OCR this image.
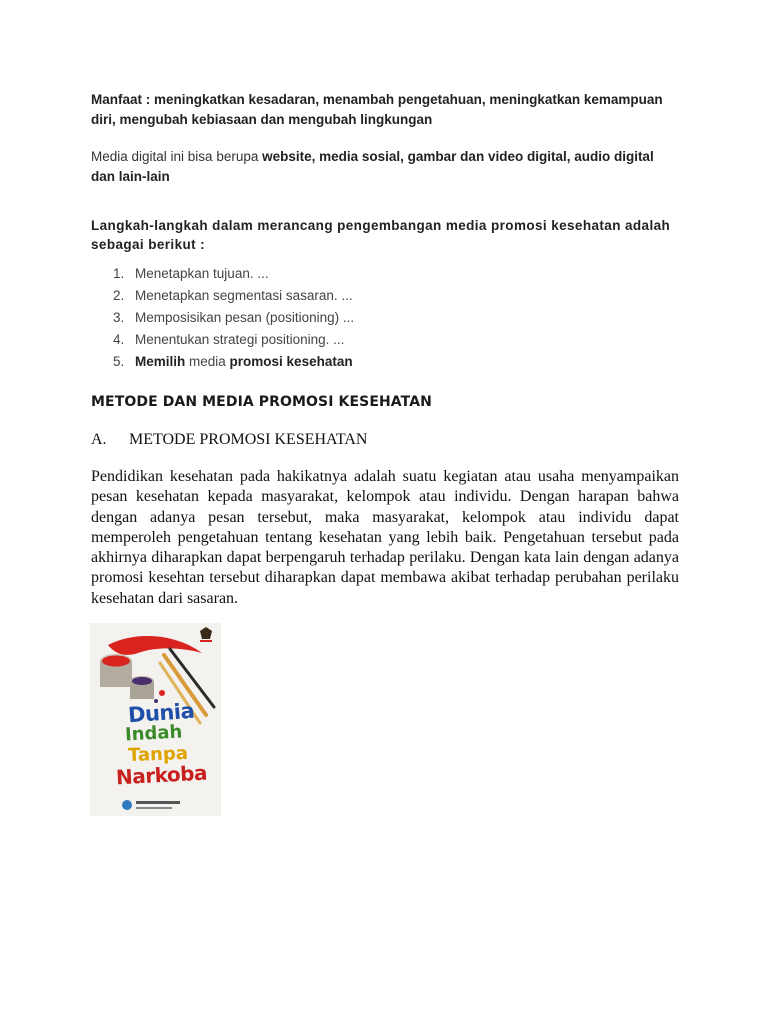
Manfaat : meningkatkan kesadaran, menambah pengetahuan, meningkatkan kemampuan diri, mengubah kebiasaan dan mengubah lingkungan

Media digital ini bisa berupa website, media sosial, gambar dan video digital, audio digital dan lain-lain

Langkah-langkah dalam merancang pengembangan media promosi kesehatan adalah sebagai berikut :

1. Menetapkan tujuan. ...
2. Menetapkan segmentasi sasaran. ...
3. Memposisikan pesan (positioning) ...
4. Menentukan strategi positioning. ...
5. Memilih media promosi kesehatan
METODE DAN MEDIA PROMOSI KESEHATAN
A.	METODE PROMOSI KESEHATAN

Pendidikan kesehatan pada hakikatnya adalah suatu kegiatan atau usaha menyampaikan pesan kesehatan kepada masyarakat, kelompok atau individu. Dengan harapan bahwa dengan adanya pesan tersebut, maka masyarakat, kelompok atau individu dapat memperoleh pengetahuan tentang kesehatan yang lebih baik. Pengetahuan tersebut pada akhirnya diharapkan dapat berpengaruh terhadap perilaku. Dengan kata lain dengan adanya promosi kesehtan tersebut diharapkan dapat membawa akibat terhadap perubahan perilaku kesehatan dari sasaran.

Dunia
Indah
Tanpa
Narkoba
